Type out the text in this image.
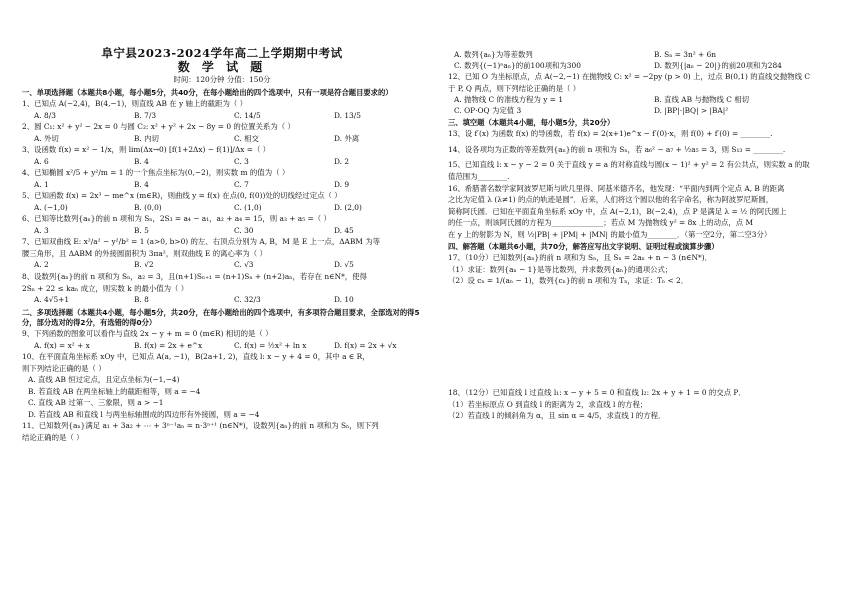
阜宁县2023-2024学年高二上学期期中考试
数 学 试 题
时间：120分钟 分值：150分
一、单项选择题（本题共8小题，每小题5分，共40分，在每小题给出的四个选项中，只有一项是符合题目要求的）
1、已知点 A(−2,4)，B(4,−1)，则直线 AB 在 y 轴上的截距为（ ）
A. 8/3	B. 7/3	C. 14/5	D. 13/5
2、圆 C₁: x² + y² − 2x = 0 与圆 C₂: x² + y² + 2x − 8y = 0 的位置关系为（ ）
A. 外切	B. 内切	C. 相交	D. 外离
3、设函数 f(x) = x² − 1/x，则 lim(Δx→0) [f(1+2Δx) − f(1)]/Δx =（ ）
A. 6	B. 4	C. 3	D. 2
4、已知椭圆 x²/5 + y²/m = 1 的一个焦点坐标为(0,−2)，则实数 m 的值为（ ）
A. 1	B. 4	C. 7	D. 9
5、已知函数 f(x) = 2x³ − me^x (m∈R)，则曲线 y = f(x) 在点(0, f(0))处的切线经过定点（ ）
A. (−1,0)	B. (0,0)	C. (1,0)	D. (2,0)
6、已知等比数列{aₙ}的前 n 项和为 Sₙ，2S₃ = a₄ − a₁，a₂ + a₄ = 15，则 a₃ + a₅ =（ ）
A. 3	B. 5	C. 30	D. 45
7、已知双曲线 E: x²/a² − y²/b² = 1 (a>0, b>0) 的左、右顶点分别为 A, B，M 是 E 上一点，ΔABM 为等
腰三角形，且 ΔABM 的外接圆面积为 3πa²，则双曲线 E 的离心率为（ ）
A. 2	B. √2	C. √3	D. √5
8、设数列{aₙ}的前 n 项和为 Sₙ，a₂ = 3，且(n+1)Sₙ₊₁ = (n+1)Sₙ + (n+2)aₙ，若存在 n∈N*，使得
2Sₙ + 22 ≤ kaₙ 成立，则实数 k 的最小值为（ ）
A. 4√5+1	B. 8	C. 32/3	D. 10
二、多项选择题（本题共4小题，每小题5分，共20分，在每小题给出的四个选项中，有多项符合题目要求，全部选对的得5分，部分选对的得2分，有选错的得0分）
9、下列函数的图象可以看作与直线 2x − y + m = 0 (m∈R) 相切的是（ ）
A. f(x) = x² + x	B. f(x) = 2x + e^x	C. f(x) = ½x² + ln x	D. f(x) = 2x + √x
10、在平面直角坐标系 xOy 中，已知点 A(a, −1)，B(2a+1, 2)，直线 l: x − y + 4 = 0，其中 a ∈ R，
则下列结论正确的是（ ）
A. 直线 AB 恒过定点，且定点坐标为(−1,−4)
B. 若直线 AB 在两坐标轴上的截距相等，则 a = −4
C. 直线 AB 过第一、三象限，则 a > −1
D. 若直线 AB 和直线 l 与两坐标轴围成的四边形有外接圆，则 a = −4
11、已知数列{aₙ}满足 a₁ + 3a₂ + ⋯ + 3ⁿ⁻¹aₙ = n·3ⁿ⁺¹ (n∈N*)，设数列{aₙ}的前 n 项和为 Sₙ，则下列
结论正确的是（ ）
A. 数列{aₙ}为等差数列	B. Sₙ = 3n² + 6n
C. 数列{(−1)ⁿaₙ}的前100项和为300	D. 数列{|aₙ − 20|}的前20项和为284
12、已知 O 为坐标原点，点 A(−2,−1) 在抛物线 C: x² = −2py (p > 0) 上，过点 B(0,1) 的直线交抛物线 C
于 P, Q 两点，则下列结论正确的是（ ）
A. 抛物线 C 的准线方程为 y = 1	B. 直线 AB 与抛物线 C 相切
C. OP·OQ 为定值 3	D. |BP|·|BQ| > |BA|²
三、填空题（本题共4小题，每小题5分，共20分）
13、设 f′(x) 为函数 f(x) 的导函数，若 f(x) = 2(x+1)e^x − f′(0)·x，则 f(0) + f′(0) = ________.
14、设各项均为正数的等差数列{aₙ}的前 n 项和为 Sₙ，若 a₆² − a₇ + ½a₅ = 3，则 S₁₃ = ________.
15、已知直线 l: x − y − 2 = 0 关于直线 y = a 的对称直线与圆(x − 1)² + y² = 2 有公共点，则实数 a 的取
值范围为________.
16、希腊著名数学家阿波罗尼斯与欧几里得、阿基米德齐名，他发现：“平面内到两个定点 A, B 的距离
之比为定值 λ (λ≠1) 的点的轨迹是圆”．后来，人们将这个圆以他的名字命名，称为阿波罗尼斯圆，
简称阿氏圆．已知在平面直角坐标系 xOy 中，点 A(−2,1)，B(−2,4)，点 P 是满足 λ = ½ 的阿氏圆上
的任一点，则该阿氏圆的方程为______________；若点 M 为抛物线 y² = 8x 上的动点，点 M
在 y 上的射影为 N，则 ½|PB| + |PM| + |MN| 的最小值为________．（第一空2分，第二空3分）
四、解答题（本题共6小题，共70分，解答应写出文字说明、证明过程或演算步骤）
17、（10分）已知数列{aₙ}的前 n 项和为 Sₙ，且 Sₙ = 2aₙ + n − 3 (n∈N*)．
（1）求证：数列{aₙ − 1}是等比数列，并求数列{aₙ}的通项公式；
（2）设 cₙ = 1/(aₙ − 1)，数列{cₙ}的前 n 项和为 Tₙ，求证：Tₙ < 2．
18、（12分）已知直线 l 过直线 l₁: x − y + 5 = 0 和直线 l₂: 2x + y + 1 = 0 的交点 P．
（1）若坐标原点 O 到直线 l 的距离为 2，求直线 l 的方程；
（2）若直线 l 的倾斜角为 α，且 sin α = 4/5，求直线 l 的方程．
